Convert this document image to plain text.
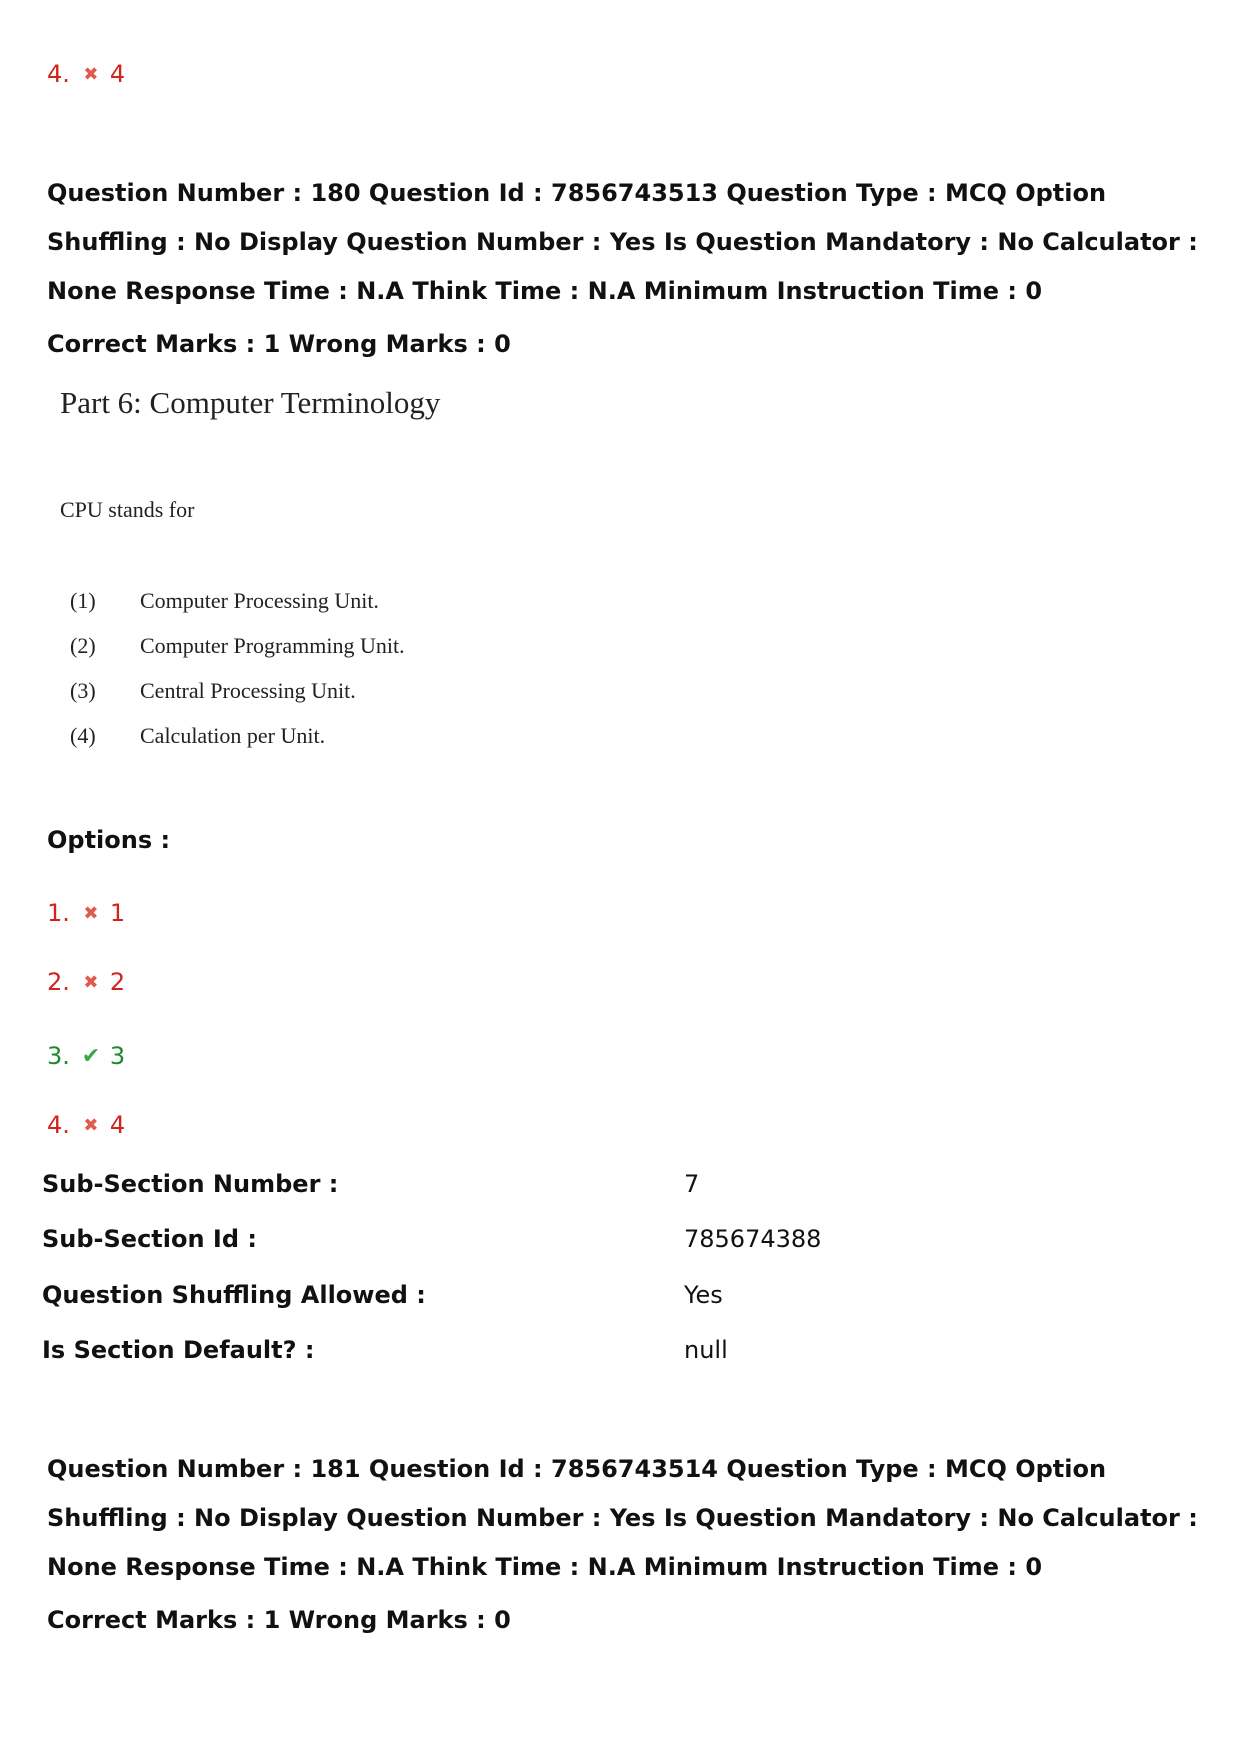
4. ✖ 4
Question Number : 180 Question Id : 7856743513 Question Type : MCQ Option Shuffling : No Display Question Number : Yes Is Question Mandatory : No Calculator : None Response Time : N.A Think Time : N.A Minimum Instruction Time : 0
Correct Marks : 1 Wrong Marks : 0
Part 6: Computer Terminology
CPU stands for
(1)	Computer Processing Unit.
(2)	Computer Programming Unit.
(3)	Central Processing Unit.
(4)	Calculation per Unit.
Options :
1. ✖ 1
2. ✖ 2
3. ✔ 3
4. ✖ 4
Sub-Section Number :	7
Sub-Section Id :	785674388
Question Shuffling Allowed :	Yes
Is Section Default? :	null
Question Number : 181 Question Id : 7856743514 Question Type : MCQ Option Shuffling : No Display Question Number : Yes Is Question Mandatory : No Calculator : None Response Time : N.A Think Time : N.A Minimum Instruction Time : 0
Correct Marks : 1 Wrong Marks : 0
